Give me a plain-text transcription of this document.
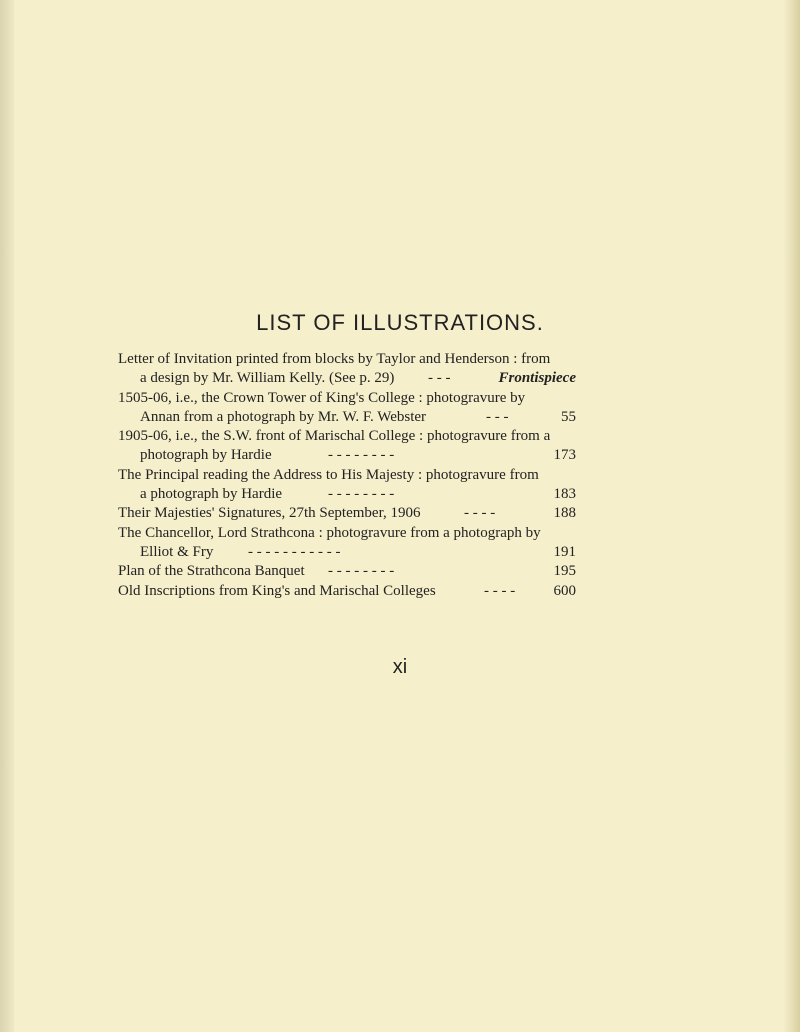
LIST OF ILLUSTRATIONS.
Letter of Invitation printed from blocks by Taylor and Henderson : from
a design by Mr. William Kelly. (See p. 29) - - -	Frontispiece
1505-06, i.e., the Crown Tower of King's College : photogravure by
Annan from a photograph by Mr. W. F. Webster	- - -	55
1905-06, i.e., the S.W. front of Marischal College : photogravure from a
photograph by Hardie	- - - - - - - -	173
The Principal reading the Address to His Majesty : photogravure from
a photograph by Hardie	- - - - - - - -	183
Their Majesties' Signatures, 27th September, 1906	- - - -	188
The Chancellor, Lord Strathcona : photogravure from a photograph by
Elliot & Fry - - - - - - - - - - -	191
Plan of the Strathcona Banquet - - - - - - - -	195
Old Inscriptions from King's and Marischal Colleges	- - - -	600
xi
